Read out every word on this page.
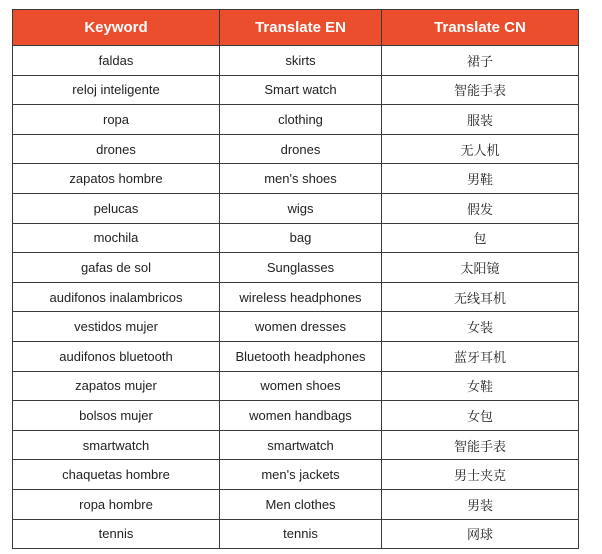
Keyword	Translate EN	Translate CN
faldas	skirts	裙子
reloj inteligente	Smart watch	智能手表
ropa	clothing	服装
drones	drones	无人机
zapatos hombre	men's shoes	男鞋
pelucas	wigs	假发
mochila	bag	包
gafas de sol	Sunglasses	太阳镜
audifonos inalambricos	wireless headphones	无线耳机
vestidos mujer	women dresses	女装
audifonos bluetooth	Bluetooth headphones	蓝牙耳机
zapatos mujer	women shoes	女鞋
bolsos mujer	women handbags	女包
smartwatch	smartwatch	智能手表
chaquetas hombre	men's jackets	男士夹克
ropa hombre	Men clothes	男装
tennis	tennis	网球
